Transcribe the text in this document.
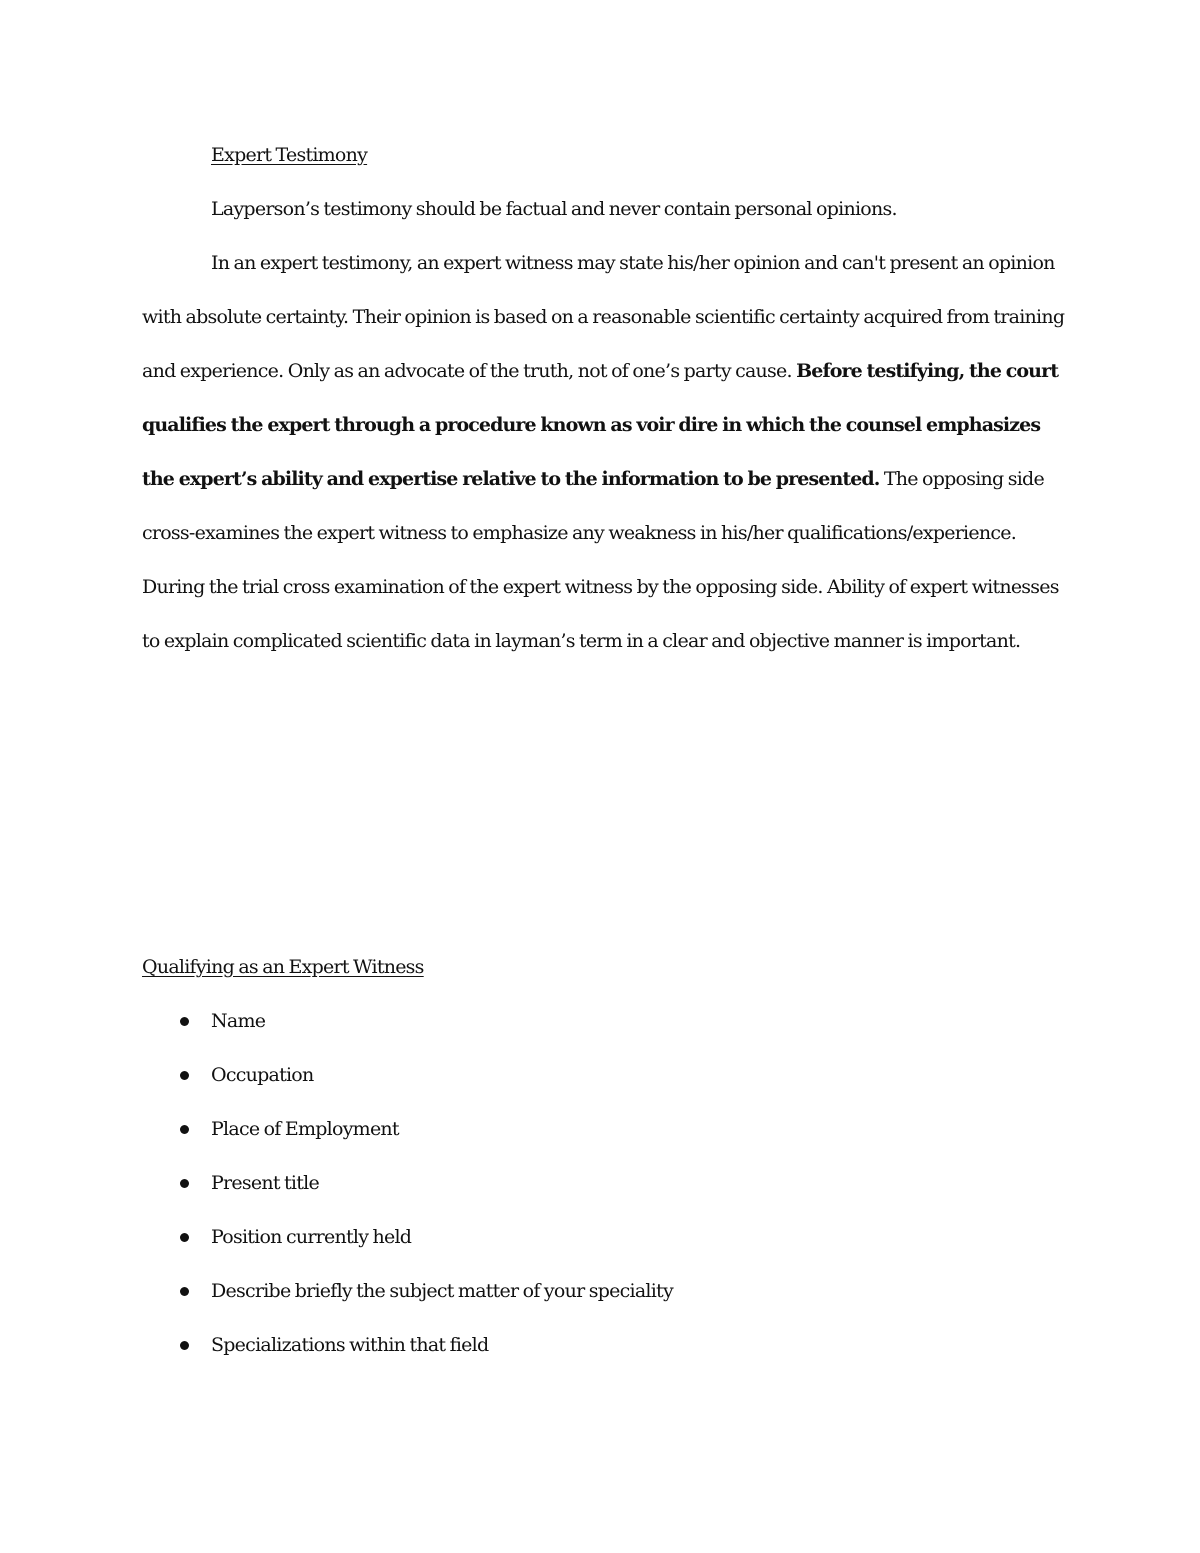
Expert Testimony

Layperson’s testimony should be factual and never contain personal opinions.

In an expert testimony, an expert witness may state his/her opinion and can't present an opinion with absolute certainty. Their opinion is based on a reasonable scientific certainty acquired from training and experience. Only as an advocate of the truth, not of one’s party cause. Before testifying, the court qualifies the expert through a procedure known as voir dire in which the counsel emphasizes the expert’s ability and expertise relative to the information to be presented. The opposing side cross-examines the expert witness to emphasize any weakness in his/her qualifications/experience. During the trial cross examination of the expert witness by the opposing side. Ability of expert witnesses to explain complicated scientific data in layman’s term in a clear and objective manner is important.

Qualifying as an Expert Witness
Name
Occupation
Place of Employment
Present title
Position currently held
Describe briefly the subject matter of your speciality
Specializations within that field
